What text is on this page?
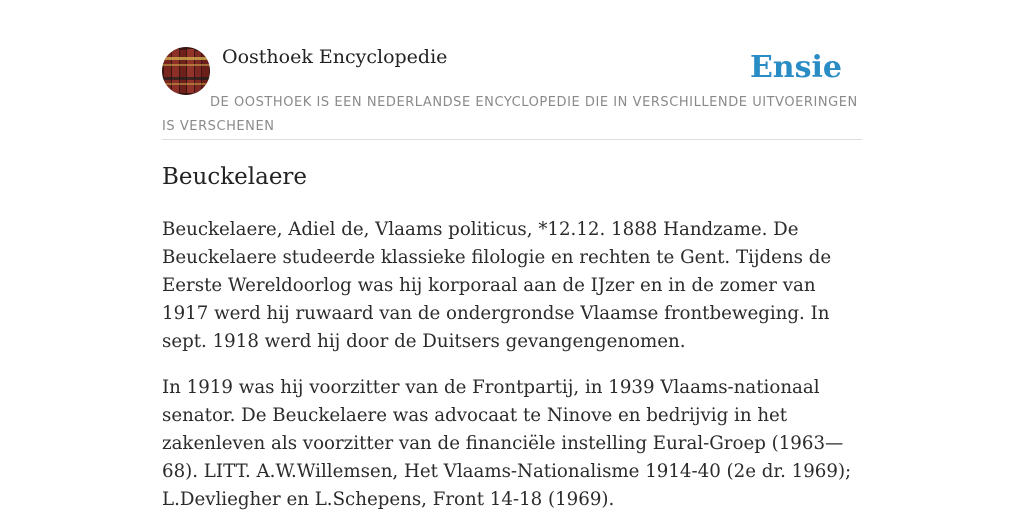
Oosthoek Encyclopedie	Ensie
DE OOSTHOEK IS EEN NEDERLANDSE ENCYCLOPEDIE DIE IN VERSCHILLENDE UITVOERINGEN IS VERSCHENEN
Beuckelaere

Beuckelaere, Adiel de, Vlaams politicus, *12.12. 1888 Handzame. De Beuckelaere studeerde klassieke filologie en rechten te Gent. Tijdens de Eerste Wereldoorlog was hij korporaal aan de IJzer en in de zomer van 1917 werd hij ruwaard van de ondergrondse Vlaamse frontbeweging. In sept. 1918 werd hij door de Duitsers gevangengenomen.

In 1919 was hij voorzitter van de Frontpartij, in 1939 Vlaams-nationaal senator. De Beuckelaere was advocaat te Ninove en bedrijvig in het zakenleven als voorzitter van de financiële instelling Eural-Groep (1963—68). LITT. A.W.Willemsen, Het Vlaams-Nationalisme 1914-40 (2e dr. 1969); L.Devliegher en L.Schepens, Front 14-18 (1969).
